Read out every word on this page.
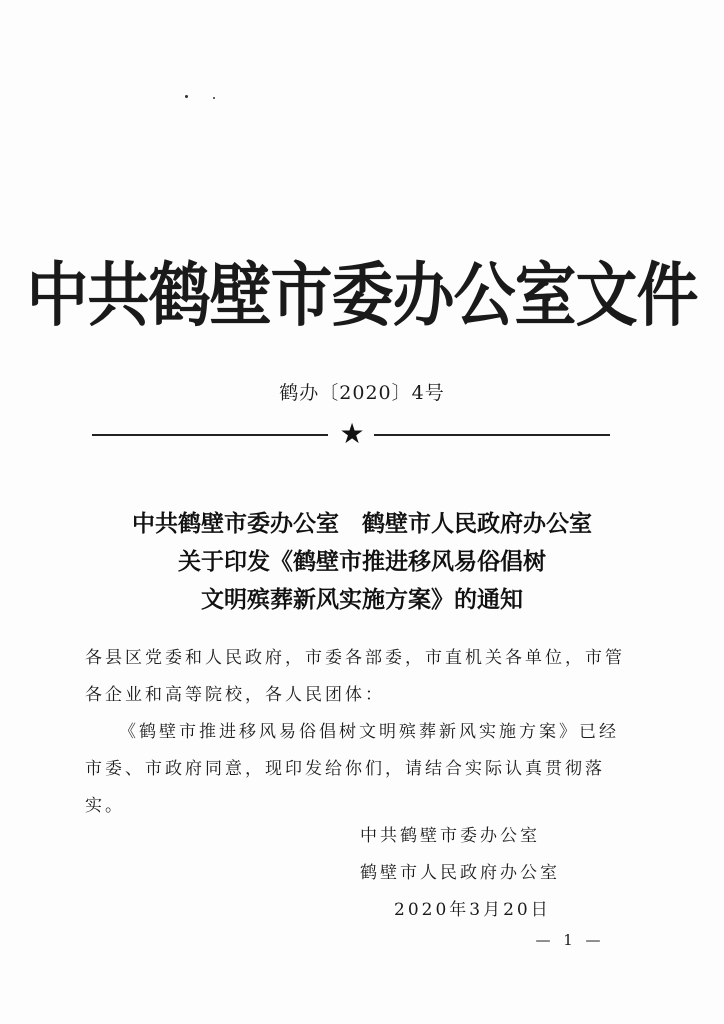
中共鹤壁市委办公室文件
鹤办〔2020〕4号
★
中共鹤壁市委办公室　鹤壁市人民政府办公室
关于印发《鹤壁市推进移风易俗倡树
文明殡葬新风实施方案》的通知

各县区党委和人民政府，市委各部委，市直机关各单位，市管各企业和高等院校，各人民团体：

《鹤壁市推进移风易俗倡树文明殡葬新风实施方案》已经市委、市政府同意，现印发给你们，请结合实际认真贯彻落实。

中共鹤壁市委办公室
鹤壁市人民政府办公室
2020年3月20日
— 1 —
